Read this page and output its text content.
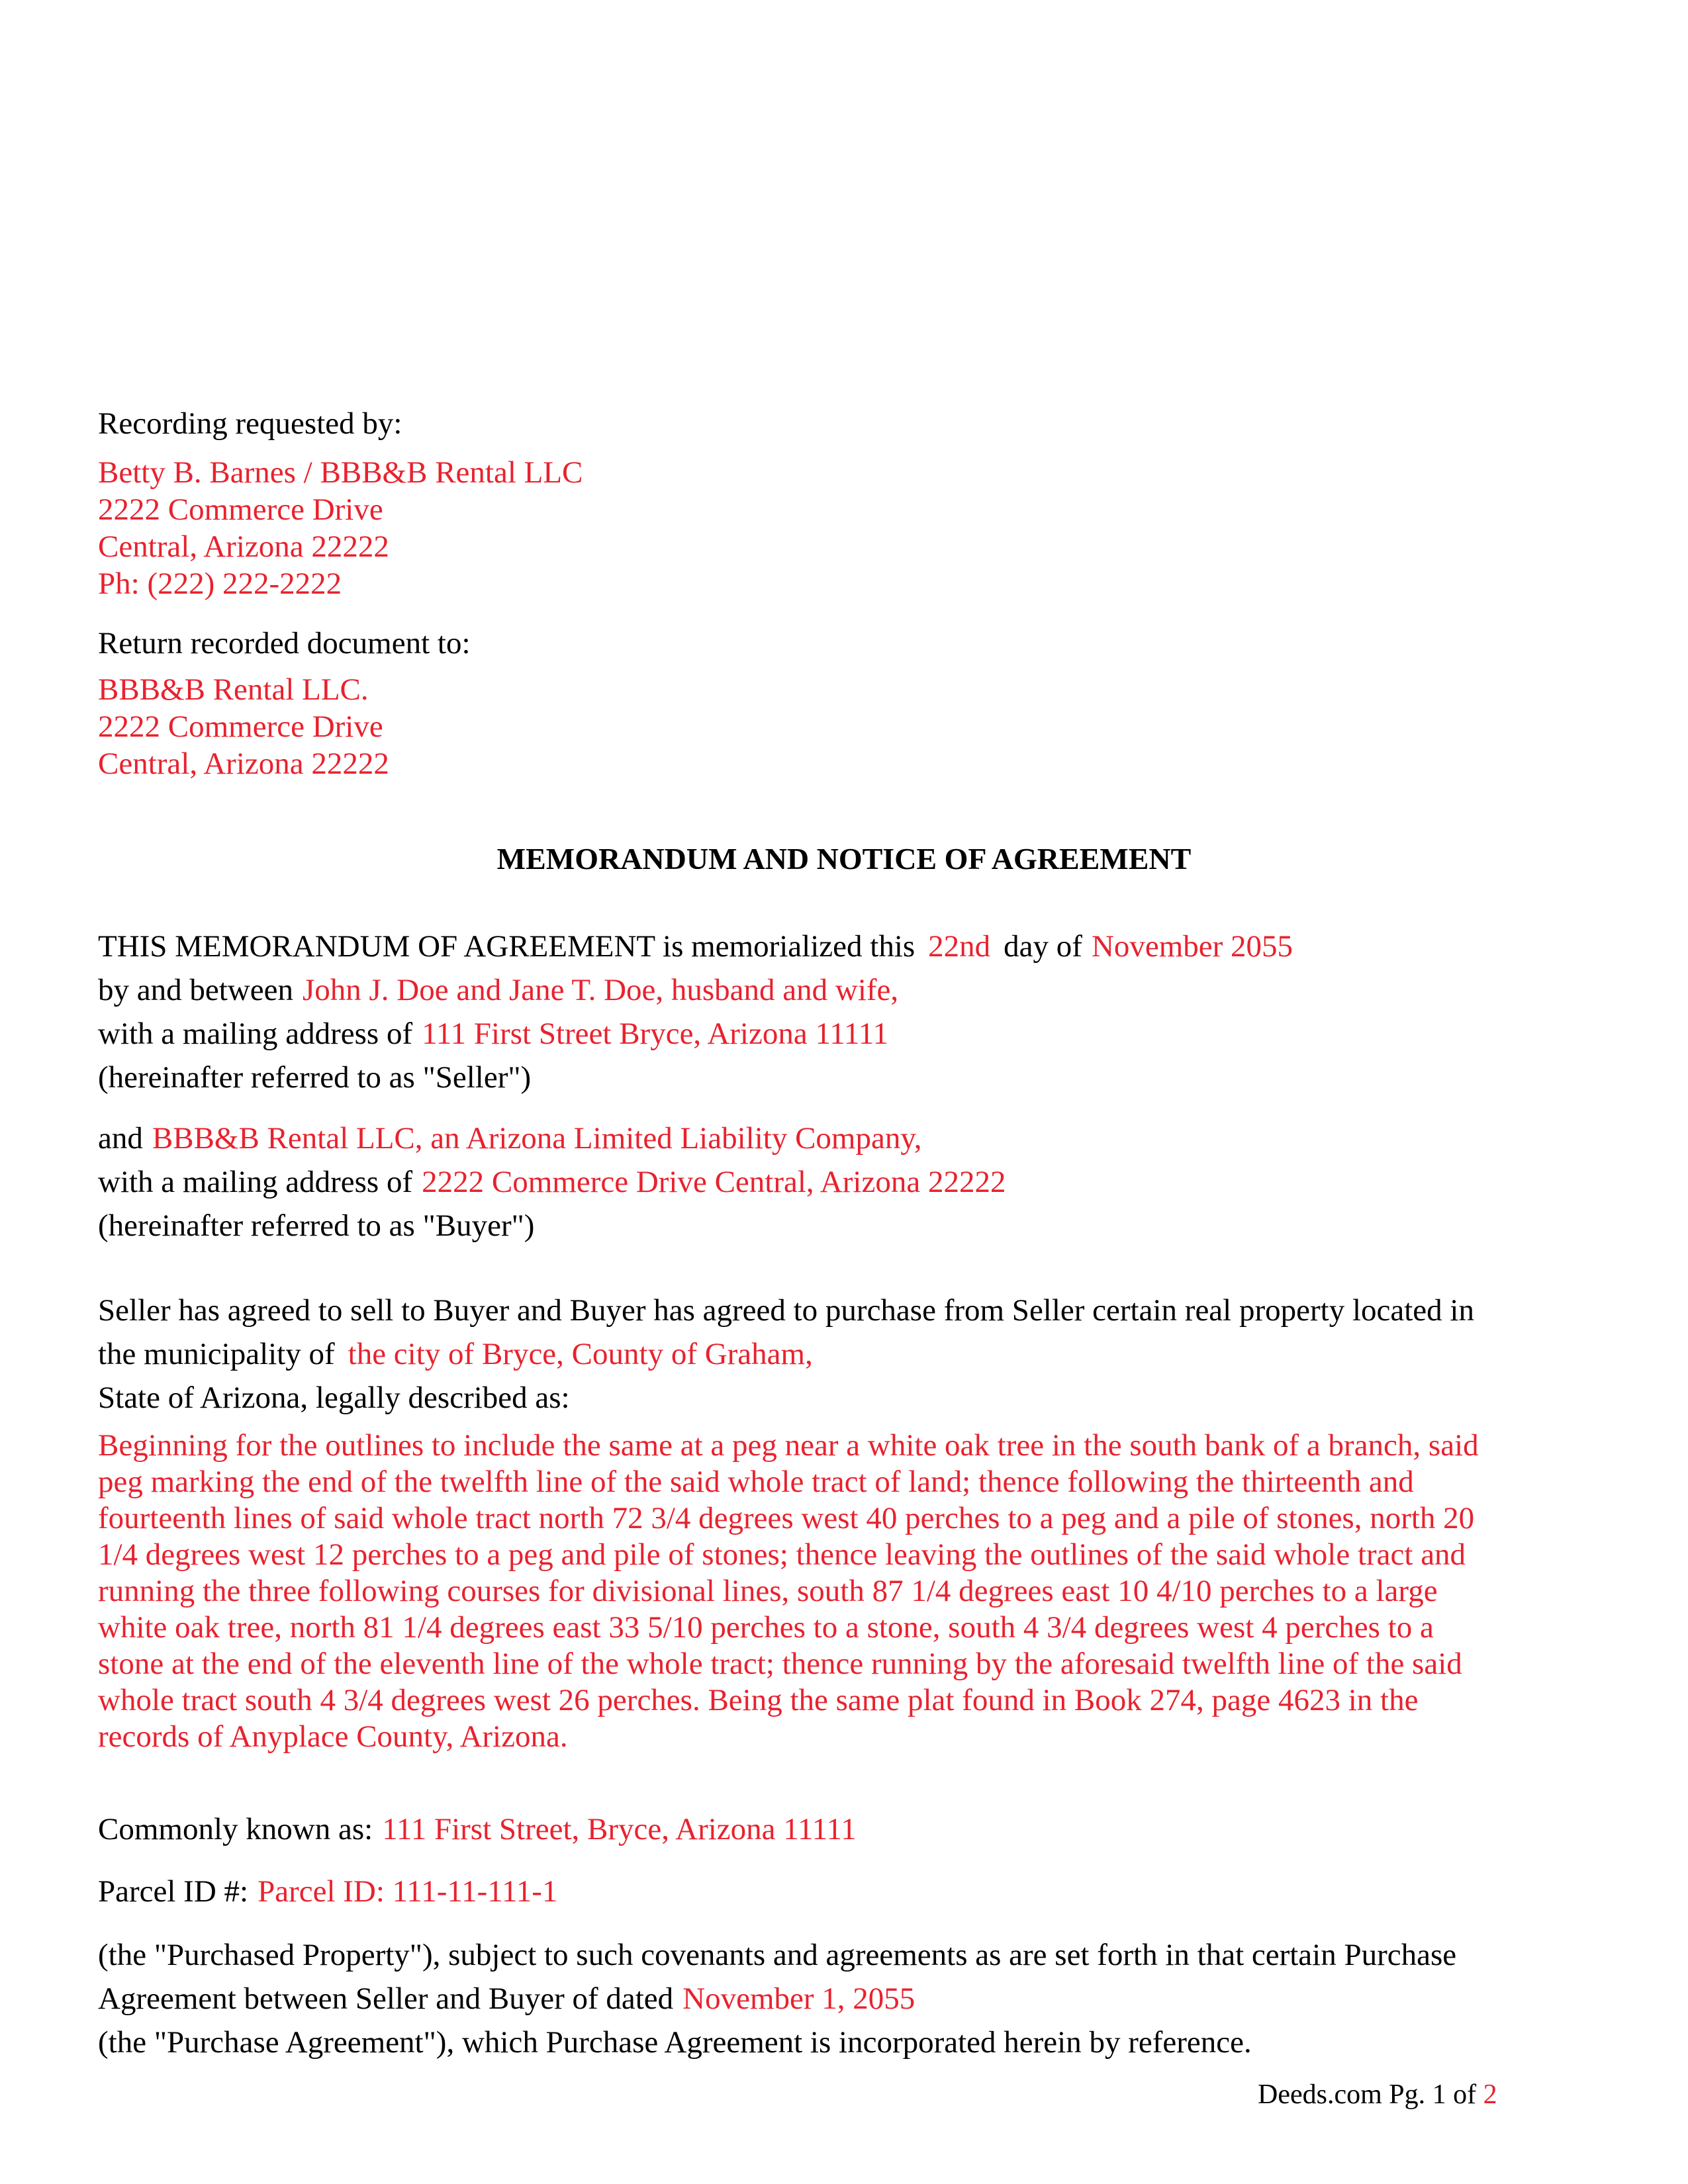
Recording requested by:
Betty B. Barnes / BBB&B Rental LLC
2222 Commerce Drive
Central, Arizona 22222
Ph: (222) 222-2222
Return recorded document to:
BBB&B Rental LLC.
2222 Commerce Drive
Central, Arizona 22222
MEMORANDUM AND NOTICE OF AGREEMENT
THIS MEMORANDUM OF AGREEMENT is memorialized this 22nd day of November 2055
by and between John J. Doe and Jane T. Doe, husband and wife,
with a mailing address of 111 First Street Bryce, Arizona 11111
(hereinafter referred to as "Seller")
and BBB&B Rental LLC, an Arizona Limited Liability Company,
with a mailing address of 2222 Commerce Drive Central, Arizona 22222
(hereinafter referred to as "Buyer")
Seller has agreed to sell to Buyer and Buyer has agreed to purchase from Seller certain real property located in
the municipality of the city of Bryce, County of Graham,
State of Arizona, legally described as:
Beginning for the outlines to include the same at a peg near a white oak tree in the south bank of a branch, said
peg marking the end of the twelfth line of the said whole tract of land; thence following the thirteenth and
fourteenth lines of said whole tract north 72 3/4 degrees west 40 perches to a peg and a pile of stones, north 20
1/4 degrees west 12 perches to a peg and pile of stones; thence leaving the outlines of the said whole tract and
running the three following courses for divisional lines, south 87 1/4 degrees east 10 4/10 perches to a large
white oak tree, north 81 1/4 degrees east 33 5/10 perches to a stone, south 4 3/4 degrees west 4 perches to a
stone at the end of the eleventh line of the whole tract; thence running by the aforesaid twelfth line of the said
whole tract south 4 3/4 degrees west 26 perches. Being the same plat found in Book 274, page 4623 in the
records of Anyplace County, Arizona.
Commonly known as: 111 First Street, Bryce, Arizona 11111
Parcel ID #: Parcel ID: 111-11-111-1
(the "Purchased Property"), subject to such covenants and agreements as are set forth in that certain Purchase
Agreement between Seller and Buyer of dated November 1, 2055
(the "Purchase Agreement"), which Purchase Agreement is incorporated herein by reference.
Deeds.com Pg. 1 of 2
